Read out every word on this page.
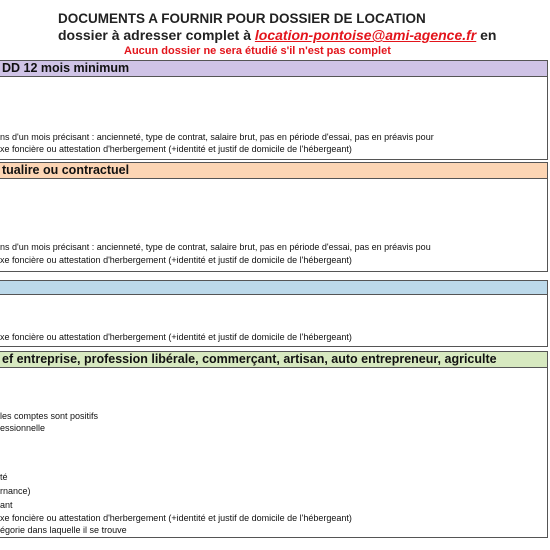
DOCUMENTS A FOURNIR POUR DOSSIER DE LOCATION
dossier à adresser complet à location-pontoise@ami-agence.fr en
Aucun dossier ne sera étudié s'il n'est pas complet
DD 12 mois minimum
ns d'un mois précisant : ancienneté, type de contrat, salaire brut, pas en période d'essai, pas en préavis pour
xe foncière ou attestation d'herbergement (+identité et justif de domicile de l'hébergeant)
tualire ou contractuel
ns d'un mois précisant : ancienneté, type de contrat, salaire brut, pas en période d'essai, pas en préavis pou
xe foncière ou attestation d'herbergement (+identité et justif de domicile de l'hébergeant)
xe foncière ou attestation d'herbergement (+identité et justif de domicile de l'hébergeant)
ef entreprise, profession libérale, commerçant, artisan, auto entrepreneur, agriculte
les comptes sont positifs
essionnelle
té
rnance)
ant
xe foncière ou attestation d'herbergement (+identité et justif de domicile de l'hébergeant)
égorie dans laquelle il se trouve
